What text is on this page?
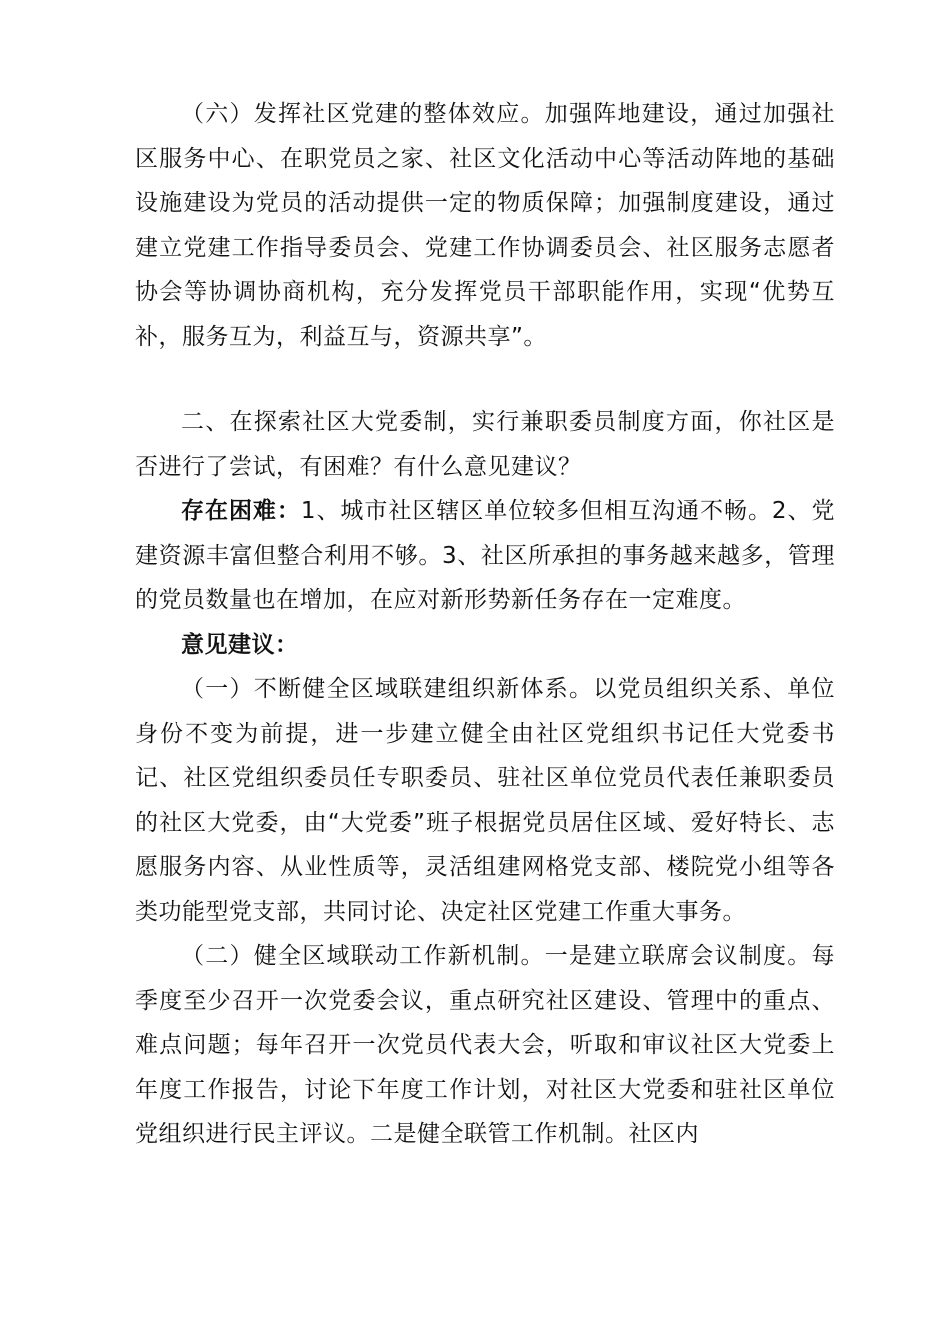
（六）发挥社区党建的整体效应。加强阵地建设，通过加强社区服务中心、在职党员之家、社区文化活动中心等活动阵地的基础设施建设为党员的活动提供一定的物质保障；加强制度建设，通过建立党建工作指导委员会、党建工作协调委员会、社区服务志愿者协会等协调协商机构，充分发挥党员干部职能作用，实现“优势互补，服务互为，利益互与，资源共享”。

二、在探索社区大党委制，实行兼职委员制度方面，你社区是否进行了尝试，有困难？有什么意见建议？

存在困难：1、城市社区辖区单位较多但相互沟通不畅。2、党建资源丰富但整合利用不够。3、社区所承担的事务越来越多，管理的党员数量也在增加，在应对新形势新任务存在一定难度。

意见建议：

（一）不断健全区域联建组织新体系。以党员组织关系、单位身份不变为前提，进一步建立健全由社区党组织书记任大党委书记、社区党组织委员任专职委员、驻社区单位党员代表任兼职委员的社区大党委，由“大党委”班子根据党员居住区域、爱好特长、志愿服务内容、从业性质等，灵活组建网格党支部、楼院党小组等各类功能型党支部，共同讨论、决定社区党建工作重大事务。

（二）健全区域联动工作新机制。一是建立联席会议制度。每季度至少召开一次党委会议，重点研究社区建设、管理中的重点、难点问题；每年召开一次党员代表大会，听取和审议社区大党委上年度工作报告，讨论下年度工作计划，对社区大党委和驻社区单位党组织进行民主评议。二是健全联管工作机制。社区内
